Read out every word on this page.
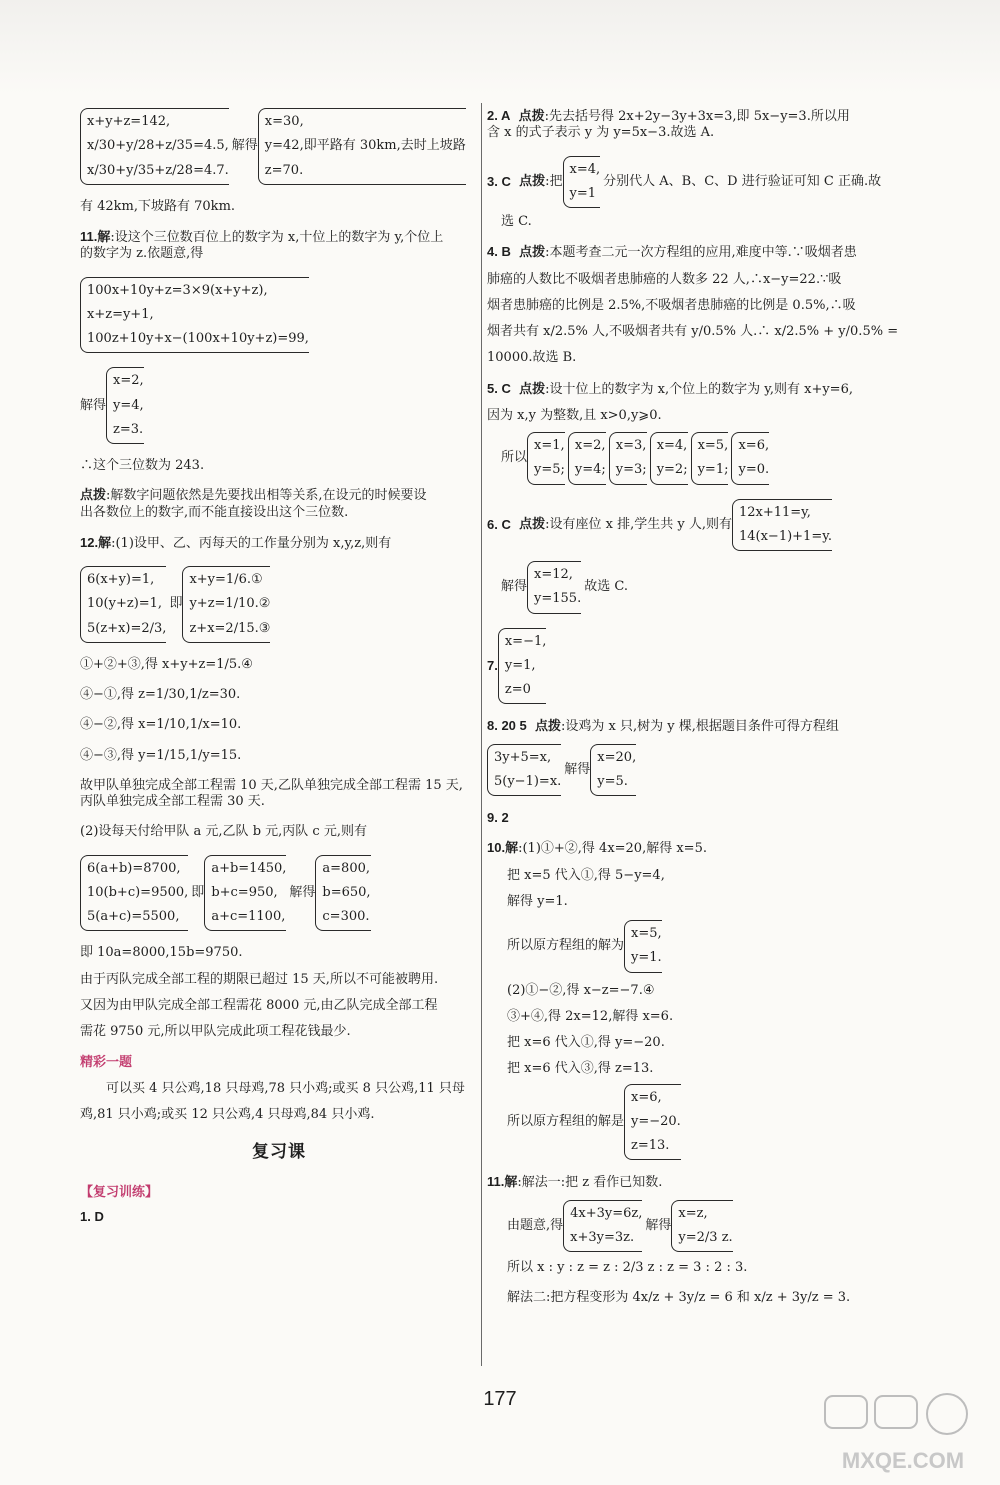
x+y+z=142,
x/30+y/28+z/35=4.5,
x/30+y/35+z/28=4.7.
解得
x=30,
y=42,即平路有 30km,去时上坡路
z=70.

有 42km,下坡路有 70km.

11.解:设这个三位数百位上的数字为 x,十位上的数字为 y,个位上

的数字为 z.依题意,得

100x+10y+z=3×9(x+y+z),
x+z=y+1,
100z+10y+x−(100x+10y+z)=99,
解得
x=2,
y=4,
z=3.

∴这个三位数为 243.

点拨:解数字问题依然是先要找出相等关系,在设元的时候要设

出各数位上的数字,而不能直接设出这个三位数.

12.解:(1)设甲、乙、丙每天的工作量分别为 x,y,z,则有

6(x+y)=1,
10(y+z)=1,
5(z+x)=2/3,
即
x+y=1/6.①
y+z=1/10.②
z+x=2/15.③

①+②+③,得 x+y+z=1/5.④

④−①,得 z=1/30,1/z=30.

④−②,得 x=1/10,1/x=10.

④−③,得 y=1/15,1/y=15.

故甲队单独完成全部工程需 10 天,乙队单独完成全部工程需 15 天,

丙队单独完成全部工程需 30 天.

(2)设每天付给甲队 a 元,乙队 b 元,丙队 c 元,则有

6(a+b)=8700,
10(b+c)=9500,
5(a+c)=5500,
即
a+b=1450,
b+c=950,
a+c=1100,
解得
a=800,
b=650,
c=300.

即 10a=8000,15b=9750.

由于丙队完成全部工程的期限已超过 15 天,所以不可能被聘用.

又因为由甲队完成全部工程需花 8000 元,由乙队完成全部工程

需花 9750 元,所以甲队完成此项工程花钱最少.

精彩一题

可以买 4 只公鸡,18 只母鸡,78 只小鸡;或买 8 只公鸡,11 只母

鸡,81 只小鸡;或买 12 只公鸡,4 只母鸡,84 只小鸡.

复习课

【复习训练】

1. D

2. A 点拨:先去括号得 2x+2y−3y+3x=3,即 5x−y=3.所以用

含 x 的式子表示 y 为 y=5x−3.故选 A.

3. C
点拨 :把
x=4,
y=1
分别代人 A、B、C、D 进行验证可知 C 正确.故

选 C.

4. B 点拨:本题考查二元一次方程组的应用,难度中等.∵吸烟者患

肺癌的人数比不吸烟者患肺癌的人数多 22 人,∴x−y=22.∵吸

烟者患肺癌的比例是 2.5%,不吸烟者患肺癌的比例是 0.5%,∴吸

烟者共有 x/2.5% 人,不吸烟者共有 y/0.5% 人.∴ x/2.5% + y/0.5% =

10000.故选 B.

5. C 点拨:设十位上的数字为 x,个位上的数字为 y,则有 x+y=6,

因为 x,y 为整数,且 x>0,y⩾0.

所以
x=1,
y=5;
x=2,
y=4;
x=3,
y=3;
x=4,
y=2;
x=5,
y=1;
x=6,
y=0.
6. C
点拨 :设有座位 x 排,学生共 y 人,则有
12x+11=y,
14(x−1)+1=y.
解得
x=12,
y=155.
故选 C.
7.
x=−1,
y=1,
z=0

8. 20 5 点拨:设鸡为 x 只,树为 y 棵,根据题目条件可得方程组

3y+5=x,
5(y−1)=x.
解得
x=20,
y=5.

9. 2

10.解:(1)①+②,得 4x=20,解得 x=5.

把 x=5 代入①,得 5−y=4,

解得 y=1.

所以原方程组的解为
x=5,
y=1.

(2)①−②,得 x−z=−7.④

③+④,得 2x=12,解得 x=6.

把 x=6 代入①,得 y=−20.

把 x=6 代入③,得 z=13.

所以原方程组的解是
x=6,
y=−20.
z=13.

11.解:解法一:把 z 看作已知数.

由题意,得
4x+3y=6z,
x+3y=3z.
解得
x=z,
y=2/3 z.

所以 x : y : z = z : 2/3 z : z = 3 : 2 : 3.

解法二:把方程变形为 4x/z + 3y/z = 6 和 x/z + 3y/z = 3.

177
MXQE.COM
